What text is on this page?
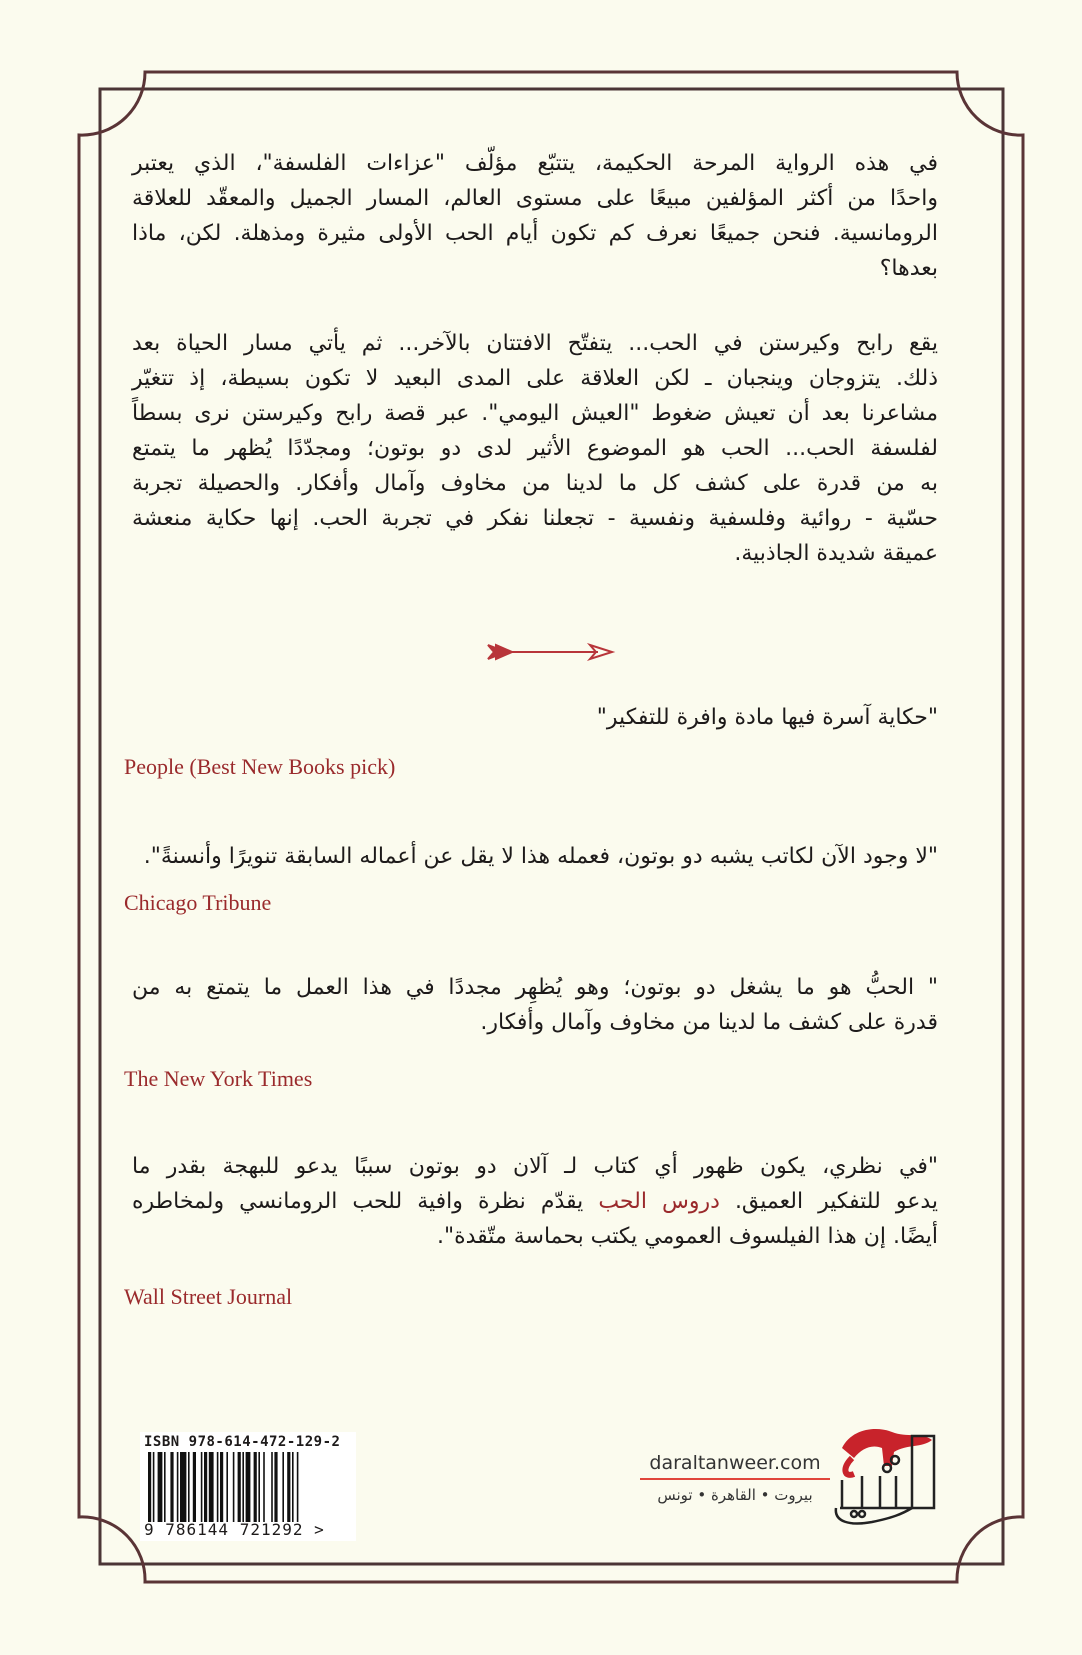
في هذه الرواية المرحة الحكيمة، يتتبّع مؤلّف "عزاءات الفلسفة"، الذي يعتبر
واحدًا من أكثر المؤلفين مبيعًا على مستوى العالم، المسار الجميل والمعقّد للعلاقة
الرومانسية. فنحن جميعًا نعرف كم تكون أيام الحب الأولى مثيرة ومذهلة. لكن، ماذا
بعدها؟
يقع رابح وكيرستن في الحب... يتفتّح الافتتان بالآخر... ثم يأتي مسار الحياة بعد
ذلك. يتزوجان وينجبان ـ لكن العلاقة على المدى البعيد لا تكون بسيطة، إذ تتغيّر
مشاعرنا بعد أن تعيش ضغوط "العيش اليومي". عبر قصة رابح وكيرستن نرى بسطاً
لفلسفة الحب... الحب هو الموضوع الأثير لدى دو بوتون؛ ومجدّدًا يُظهر ما يتمتع
به من قدرة على كشف كل ما لدينا من مخاوف وآمال وأفكار. والحصيلة تجربة
حسّية - روائية وفلسفية ونفسية - تجعلنا نفكر في تجربة الحب. إنها حكاية منعشة
عميقة شديدة الجاذبية.
"حكاية آسرة فيها مادة وافرة للتفكير"
People (Best New Books pick)
"لا وجود الآن لكاتب يشبه دو بوتون، فعمله هذا لا يقل عن أعماله السابقة تنويرًا وأنسنةً".
Chicago Tribune
" الحبُّ هو ما يشغل دو بوتون؛ وهو يُظهِر مجددًا في هذا العمل ما يتمتع به من
قدرة على كشف ما لدينا من مخاوف وآمال وأفكار.
The New York Times
"في نظري، يكون ظهور أي كتاب لـ آلان دو بوتون سببًا يدعو للبهجة بقدر ما
يدعو للتفكير العميق. دروس الحب يقدّم نظرة وافية للحب الرومانسي ولمخاطره
أيضًا. إن هذا الفيلسوف العمومي يكتب بحماسة متّقدة".
Wall Street Journal
ISBN 978-614-472-129-2
9 786144 721292 >
daraltanweer.com
بيروت • القاهرة • تونس
